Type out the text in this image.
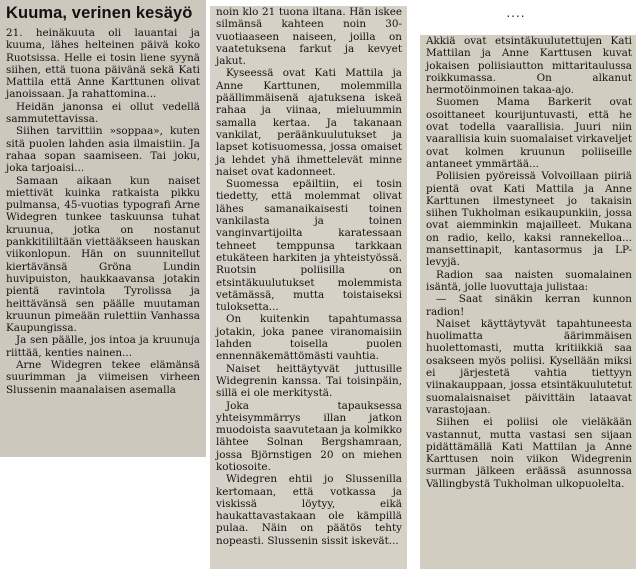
....
Kuuma, verinen kesäyö

21. heinäkuuta oli lauantai ja kuuma, lähes helteinen päivä koko Ruotsissa. Helle ei tosin liene syynä siihen, että tuona päivänä sekä Kati Mattila että Anne Karttunen olivat janoissaan. Ja rahattomina...

Heidän janonsa ei ollut vedellä sammutettavissa.

Siihen tarvittiin »soppaa», kuten sitä puolen lahden asia ilmaistiin. Ja rahaa sopan saamiseen. Tai joku, joka tarjoaisi...

Samaan aikaan kun naiset miettivät kuinka ratkaista pikku pulmansa, 45-vuotias typografi Arne Widegren tunkee taskuunsa tuhat kruunua, jotka on nostanut pankkitililtään viettääkseen hauskan viikonlopun. Hän on suunnitellut kiertävänsä Gröna Lundin huvipuiston, haukkaavansa jotakin pientä ravintola Tyrolissa ja heittävänsä sen päälle muutaman kruunun pimeään rulettiin Vanhassa Kaupungissa.

Ja sen päälle, jos intoa ja kruunuja riittää, kenties nainen...

Arne Widegren tekee elämänsä suurimman ja viimeisen virheen Slussenin maanalaisen asemalla

noin klo 21 tuona iltana. Hän iskee silmänsä kahteen noin 30-vuotiaaseen naiseen, joilla on vaatetuksena farkut ja kevyet jakut.

Kyseessä ovat Kati Mattila ja Anne Karttunen, molemmilla päällimmäisenä ajatuksena iskeä rahaa ja viinaa, mieluummin samalla kertaa. Ja takanaan vankilat, peräänkuulutukset ja lapset kotisuomessa, jossa omaiset ja lehdet yhä ihmettelevät minne naiset ovat kadonneet.

Suomessa epäiltiin, ei tosin tiedetty, että molemmat olivat lähes samanaikaisesti toinen vankilasta ja toinen vanginvartijoilta karatessaan tehneet temppunsa tarkkaan etukäteen harkiten ja yhteistyössä. Ruotsin poliisilla on etsintäkuulutukset molemmista vetämässä, mutta toistaiseksi tuloksetta...

On kuitenkin tapahtumassa jotakin, joka panee viranomaisiin lahden toisella puolen ennennäkemättömästi vauhtia.

Naiset heittäytyvät juttusille Widegrenin kanssa. Tai toisinpäin, sillä ei ole merkitystä.

Joka tapauksessa yhteisymmärrys illan jatkon muodoista saavutetaan ja kolmikko lähtee Solnan Bergshamraan, jossa Björnstigen 20 on miehen kotiosoite.

Widegren ehtii jo Slussenilla kertomaan, että votkassa ja viskissä löytyy, eikä haukattavastakaan ole kämpillä pulaa. Näin on päätös tehty nopeasti. Slussenin sissit iskevät...

Akkiä ovat etsintäkuulutettujen Kati Mattilan ja Anne Karttusen kuvat jokaisen poliisiautton mittaritaulussa roikkumassa. On alkanut hermotöinmoinen takaa-ajo.

Suomen Mama Barkerit ovat osoittaneet kourijuntuvasti, että he ovat todella vaarallisia. Juuri niin vaarallisia kuin suomalaiset virkaveljet ovat kolmen kruunun poliiseille antaneet ymmärtää...

Poliisien pyöreissä Volvoillaan piiriä pientä ovat Kati Mattila ja Anne Karttunen ilmestyneet jo takaisin siihen Tukholman esikaupunkiin, jossa ovat aiemminkin majailleet. Mukana on radio, kello, kaksi rannekelloa... mansettinapit, kantasormus ja LP-levyjä.

Radion saa naisten suomalainen isäntä, jolle luovuttaja julistaa:

— Saat sinäkin kerran kunnon radion!

Naiset käyttäytyvät tapahtuneesta huolimatta äärimmäisen huolettomasti, mutta kritiikkiä saa osakseen myös poliisi. Kysellään miksi ei järjestetä vahtia tiettyyn viinakauppaan, jossa etsintäkuulutetut suomalaisnaiset päivittäin lataavat varastojaan.

Siihen ei poliisi ole vieläkään vastannut, mutta vastasi sen sijaan pidättämällä Kati Mattilan ja Anne Karttusen noin viikon Widegrenin surman jälkeen eräässä asunnossa Vällingbystä Tukholman ulkopuolelta.
